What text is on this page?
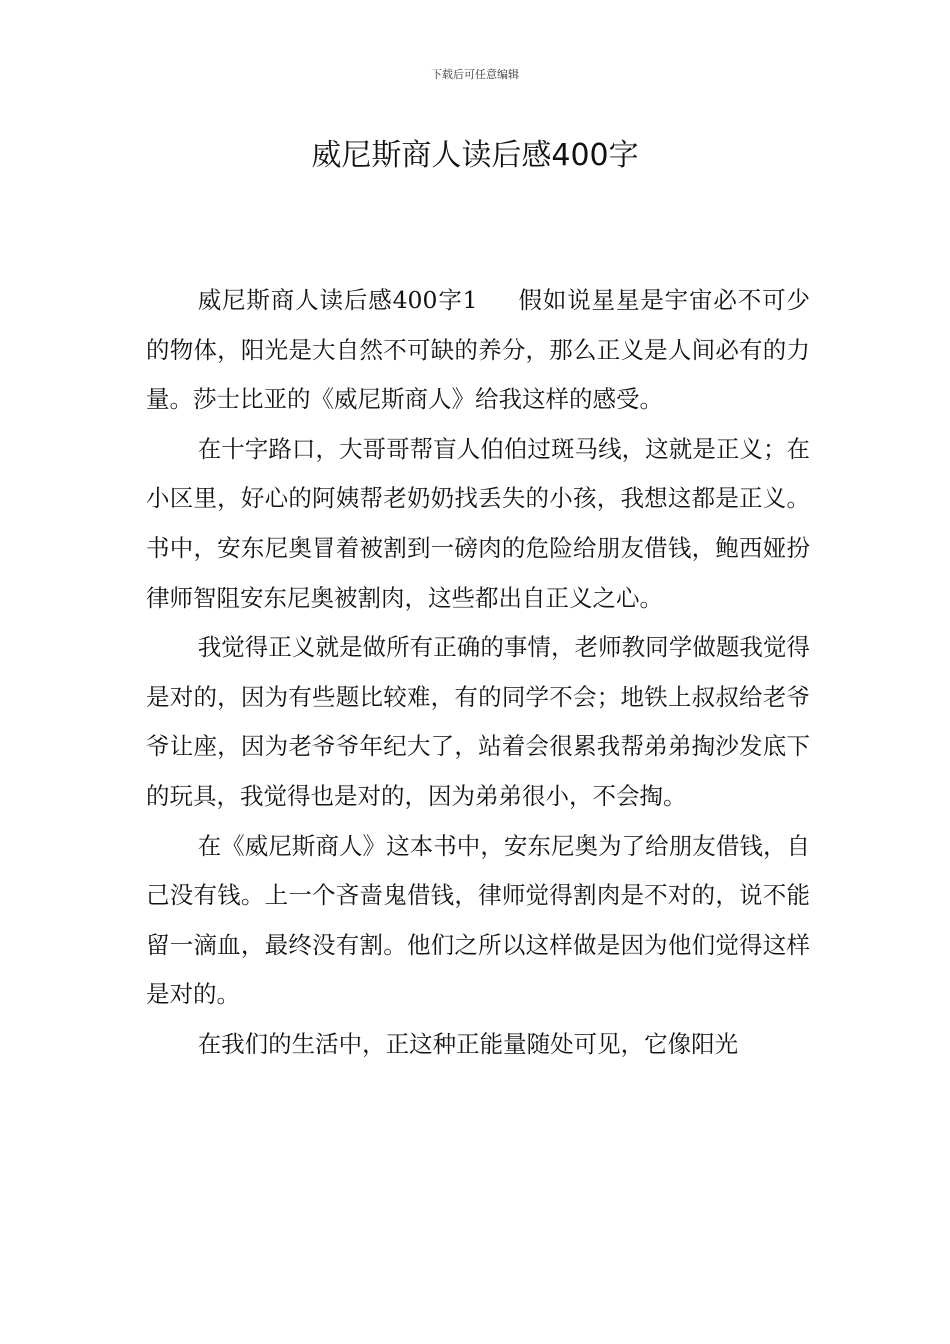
下载后可任意编辑
威尼斯商人读后感400字

威尼斯商人读后感400字1 假如说星星是宇宙必不可少的物体，阳光是大自然不可缺的养分，那么正义是人间必有的力量。莎士比亚的《威尼斯商人》给我这样的感受。

在十字路口，大哥哥帮盲人伯伯过斑马线，这就是正义；在小区里，好心的阿姨帮老奶奶找丢失的小孩，我想这都是正义。书中，安东尼奥冒着被割到一磅肉的危险给朋友借钱，鲍西娅扮律师智阻安东尼奥被割肉，这些都出自正义之心。

我觉得正义就是做所有正确的事情，老师教同学做题我觉得是对的，因为有些题比较难，有的同学不会；地铁上叔叔给老爷爷让座，因为老爷爷年纪大了，站着会很累我帮弟弟掏沙发底下的玩具，我觉得也是对的，因为弟弟很小，不会掏。

在《威尼斯商人》这本书中，安东尼奥为了给朋友借钱，自己没有钱。上一个吝啬鬼借钱，律师觉得割肉是不对的，说不能留一滴血，最终没有割。他们之所以这样做是因为他们觉得这样是对的。

在我们的生活中，正这种正能量随处可见，它像阳光
